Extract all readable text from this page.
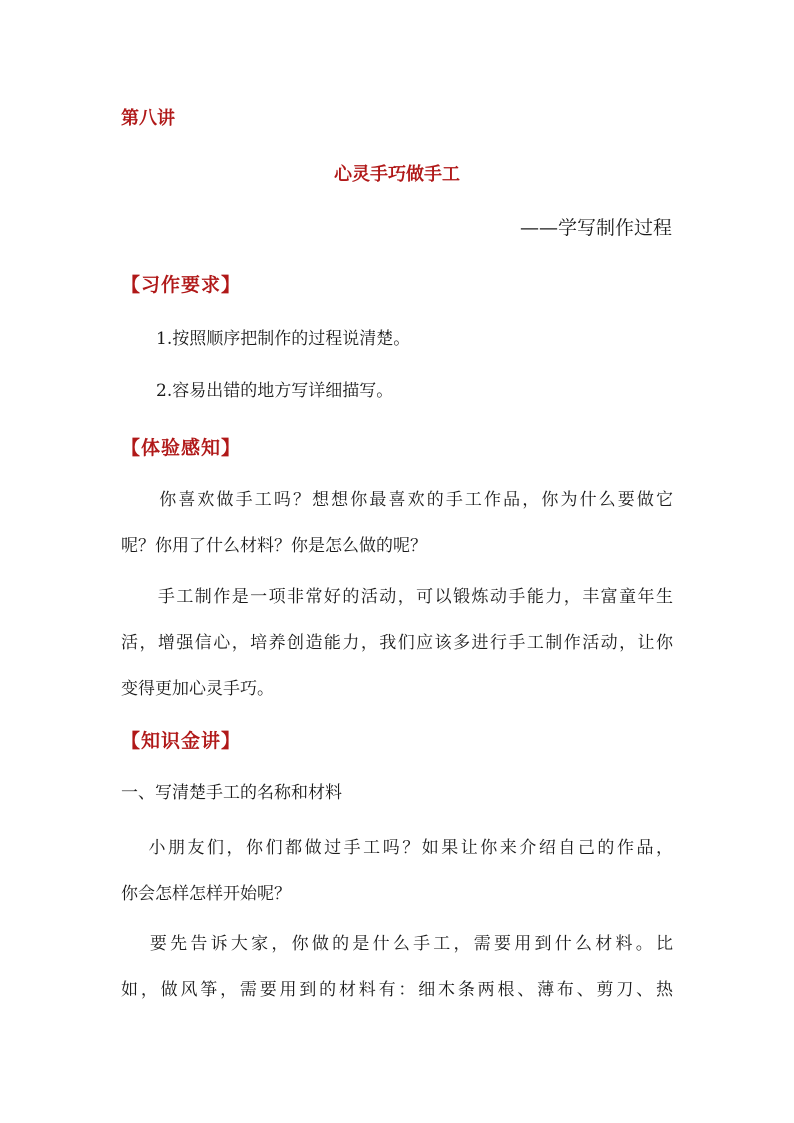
第八讲
心灵手巧做手工
——学写制作过程
【习作要求】
1.按照顺序把制作的过程说清楚。
2.容易出错的地方写详细描写。
【体验感知】
　　你喜欢做手工吗？想想你最喜欢的手工作品，你为什么要做它
呢？你用了什么材料？你是怎么做的呢？
　　手工制作是一项非常好的活动，可以锻炼动手能力，丰富童年生
活，增强信心，培养创造能力，我们应该多进行手工制作活动，让你
变得更加心灵手巧。
【知识金讲】
一、写清楚手工的名称和材料
　 小朋友们，你们都做过手工吗？如果让你来介绍自己的作品，
你会怎样怎样开始呢？
　 要先告诉大家，你做的是什么手工，需要用到什么材料。比
如，做风筝，需要用到的材料有：细木条两根、薄布、剪刀、热
